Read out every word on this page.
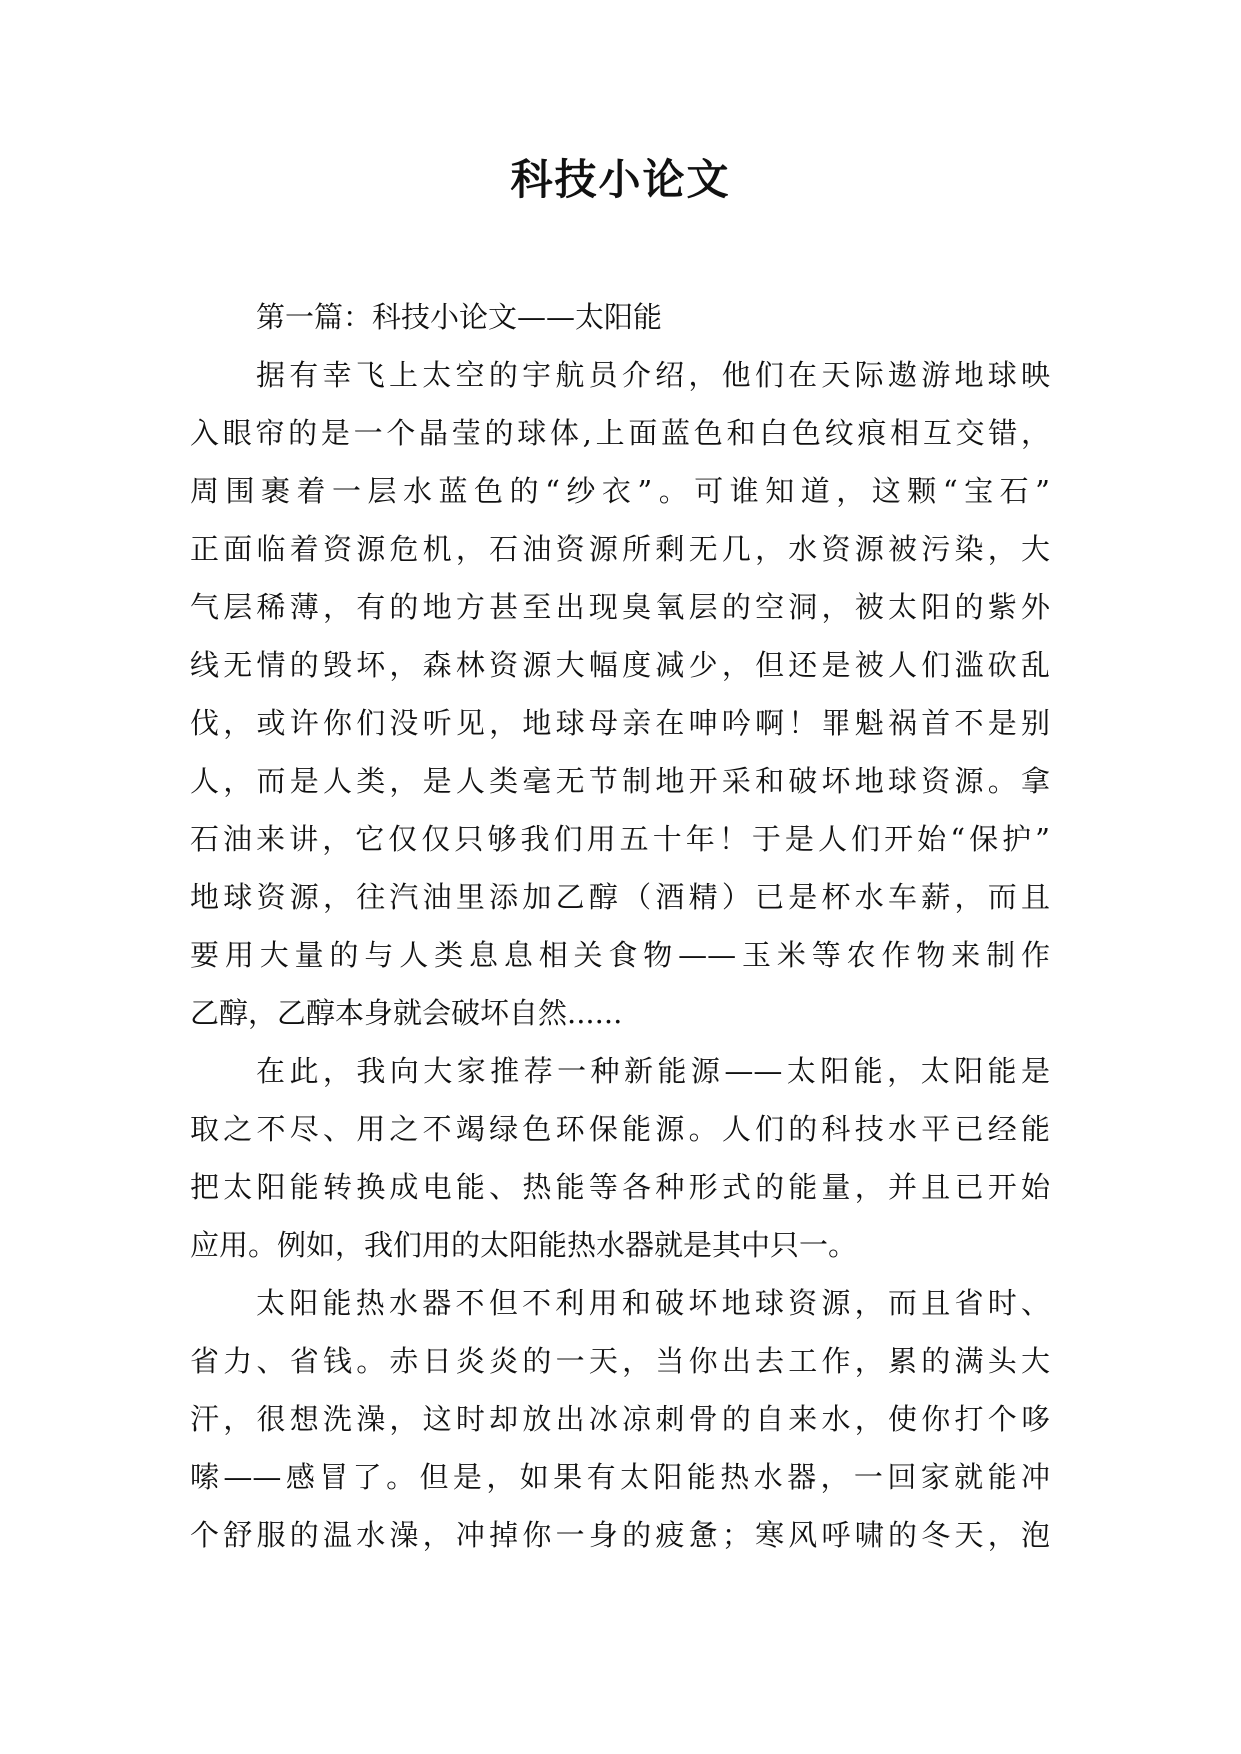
科技小论文
第一篇：科技小论文——太阳能
据有幸飞上太空的宇航员介绍，他们在天际遨游地球映
入眼帘的是一个晶莹的球体,上面蓝色和白色纹痕相互交错，
周围裹着一层水蓝色的“纱衣”。可谁知道，这颗“宝石”
正面临着资源危机，石油资源所剩无几，水资源被污染，大
气层稀薄，有的地方甚至出现臭氧层的空洞，被太阳的紫外
线无情的毁坏，森林资源大幅度减少，但还是被人们滥砍乱
伐，或许你们没听见，地球母亲在呻吟啊！罪魁祸首不是别
人，而是人类，是人类毫无节制地开采和破坏地球资源。拿
石油来讲，它仅仅只够我们用五十年！于是人们开始“保护”
地球资源，往汽油里添加乙醇（酒精）已是杯水车薪，而且
要用大量的与人类息息相关食物——玉米等农作物来制作
乙醇，乙醇本身就会破坏自然......
在此，我向大家推荐一种新能源——太阳能，太阳能是
取之不尽、用之不竭绿色环保能源。人们的科技水平已经能
把太阳能转换成电能、热能等各种形式的能量，并且已开始
应用。例如，我们用的太阳能热水器就是其中只一。
太阳能热水器不但不利用和破坏地球资源，而且省时、
省力、省钱。赤日炎炎的一天，当你出去工作，累的满头大
汗，很想洗澡，这时却放出冰凉刺骨的自来水，使你打个哆
嗦——感冒了。但是，如果有太阳能热水器，一回家就能冲
个舒服的温水澡，冲掉你一身的疲惫；寒风呼啸的冬天，泡
